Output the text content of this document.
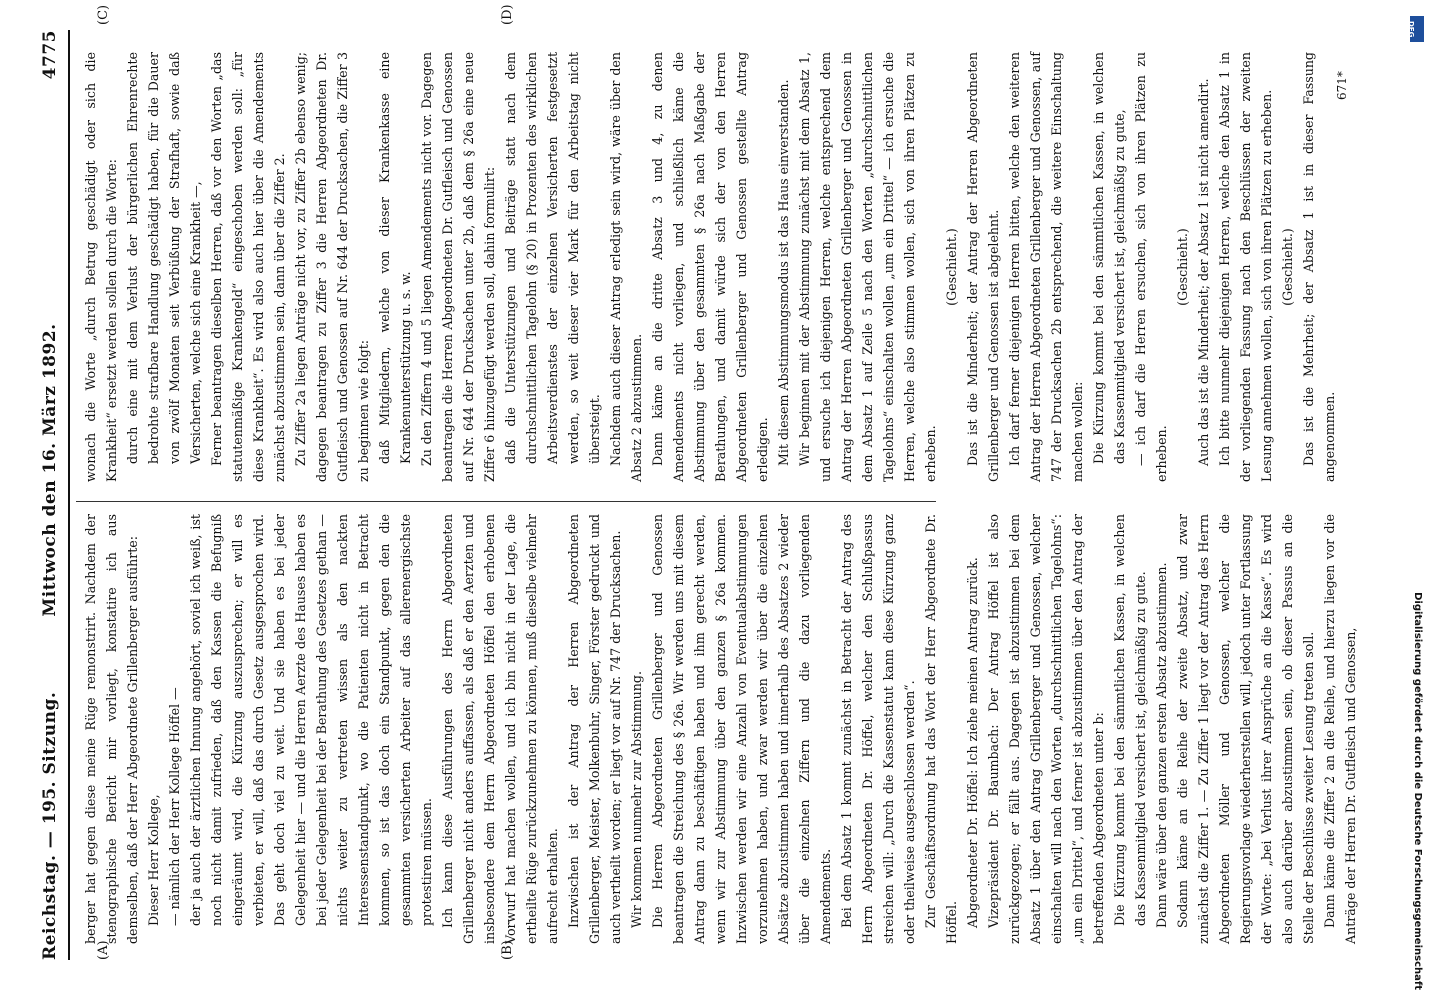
Reichstag. — 195. Sitzung.
Mittwoch den 16. März 1892.
4775
(A)	(B)
(C)	(D)

berger hat gegen diese meine Rüge remonstrirt. Nachdem der stenographische Bericht mir vorliegt, konstatire ich aus demselben, daß der Herr Abgeordnete Grillenberger ausführte: Dieser Herr Kollege, — nämlich der Herr Kollege Höffel — der ja auch der ärztlichen Innung angehört, soviel ich weiß, ist noch nicht damit zufrieden, daß den Kassen die Befugniß eingeräumt wird, die Kürzung auszusprechen; er will es verbieten, er will, daß das durch Gesetz ausgesprochen wird. Das geht doch viel zu weit. Und sie haben es bei jeder Gelegenheit hier — und die Herren Aerzte des Hauses haben es bei jeder Gelegenheit bei der Berathung des Gesetzes gethan — nichts weiter zu vertreten wissen als den nackten Interessenstandpunkt, wo die Patienten nicht in Betracht kommen, so ist das doch ein Standpunkt, gegen den die gesammten versicherten Arbeiter auf das allerenergischste protestiren müssen. Ich kann diese Ausführungen des Herrn Abgeordneten Grillenberger nicht anders auffassen, als daß er den Aerzten und insbesondere dem Herrn Abgeordneten Höffel den erhobenen Vorwurf hat machen wollen, und ich bin nicht in der Lage, die ertheilte Rüge zurückzunehmen zu können, muß dieselbe vielmehr aufrecht erhalten. Inzwischen ist der Antrag der Herren Abgeordneten Grillenberger, Meister, Molkenbuhr, Singer, Förster gedruckt und auch vertheilt worden; er liegt vor auf Nr. 747 der Drucksachen. Wir kommen nunmehr zur Abstimmung. Die Herren Abgeordneten Grillenberger und Genossen beantragen die Streichung des § 26a. Wir werden uns mit diesem Antrag dann zu beschäftigen haben und ihm gerecht werden, wenn wir zur Abstimmung über den ganzen § 26a kommen. Inzwischen werden wir eine Anzahl von Eventualabstimmungen vorzunehmen haben, und zwar werden wir über die einzelnen Absätze abzustimmen haben und innerhalb des Absatzes 2 wieder über die einzelnen Ziffern und die dazu vorliegenden Amendements. Bei dem Absatz 1 kommt zunächst in Betracht der Antrag des Herrn Abgeordneten Dr. Höffel, welcher den Schlußpassus streichen will: „Durch die Kassenstatut kann diese Kürzung ganz oder theilweise ausgeschlossen werden“. Zur Geschäftsordnung hat das Wort der Herr Abgeordnete Dr. Höffel. Abgeordneter Dr. Höffel: Ich ziehe meinen Antrag zurück. Vizepräsident Dr. Baumbach: Der Antrag Höffel ist also zurückgezogen; er fällt aus. Dagegen ist abzustimmen bei dem Absatz 1 über den Antrag Grillenberger und Genossen, welcher einschalten will nach den Worten „durchschnittlichen Tagelohns“: „um ein Drittel“, und ferner ist abzustimmen über den Antrag der betreffenden Abgeordneten unter b: Die Kürzung kommt bei den sämmtlichen Kassen, in welchen das Kassenmitglied versichert ist, gleichmäßig zu gute. Dann wäre über den ganzen ersten Absatz abzustimmen. Sodann käme an die Reihe der zweite Absatz, und zwar zunächst die Ziffer 1. — Zu Ziffer 1 liegt vor der Antrag des Herrn Abgeordneten Möller und Genossen, welcher die Regierungsvorlage wiederherstellen will, jedoch unter Fortlassung der Worte: „bei Verlust ihrer Ansprüche an die Kasse“. Es wird also auch darüber abzustimmen sein, ob dieser Passus an die Stelle der Beschlüsse zweiter Lesung treten soll. Dann käme die Ziffer 2 an die Reihe, und hierzu liegen vor die Anträge der Herren Dr. Gutfleisch und Genossen,

wonach die Worte „durch Betrug geschädigt oder sich die Krankheit“ ersetzt werden sollen durch die Worte: durch eine mit dem Verlust der bürgerlichen Ehrenrechte bedrohte strafbare Handlung geschädigt haben, für die Dauer von zwölf Monaten seit Verbüßung der Strafhaft, sowie daß Versicherten, welche sich eine Krankheit —, Ferner beantragen dieselben Herren, daß vor den Worten „das statutenmäßige Krankengeld“ eingeschoben werden soll: „für diese Krankheit“. Es wird also auch hier über die Amendements zunächst abzustimmen sein, dann über die Ziffer 2. Zu Ziffer 2a liegen Anträge nicht vor, zu Ziffer 2b ebenso wenig; dagegen beantragen zu Ziffer 3 die Herren Abgeordneten Dr. Gutfleisch und Genossen auf Nr. 644 der Drucksachen, die Ziffer 3 zu beginnen wie folgt: daß Mitgliedern, welche von dieser Krankenkasse eine Krankenunterstützung u. s. w. Zu den Ziffern 4 und 5 liegen Amendements nicht vor. Dagegen beantragen die Herren Abgeordneten Dr. Gutfleisch und Genossen auf Nr. 644 der Drucksachen unter 2b, daß dem § 26a eine neue Ziffer 6 hinzugefügt werden soll, dahin formulirt: daß die Unterstützungen und Beiträge statt nach dem durchschnittlichen Tagelohn (§ 20) in Prozenten des wirklichen Arbeitsverdienstes der einzelnen Versicherten festgesetzt werden, so weit dieser vier Mark für den Arbeitstag nicht übersteigt. Nachdem auch dieser Antrag erledigt sein wird, wäre über den Absatz 2 abzustimmen. Dann käme an die dritte Absatz 3 und 4, zu denen Amendements nicht vorliegen, und schließlich käme die Abstimmung über den gesammten § 26a nach Maßgabe der Berathungen, und damit würde sich der von den Herren Abgeordneten Grillenberger und Genossen gestellte Antrag erledigen. Mit diesem Abstimmungsmodus ist das Haus einverstanden. Wir beginnen mit der Abstimmung zunächst mit dem Absatz 1, und ersuche ich diejenigen Herren, welche entsprechend dem Antrag der Herren Abgeordneten Grillenberger und Genossen in dem Absatz 1 auf Zeile 5 nach den Worten „durchschnittlichen Tagelohns“ einschalten wollen „um ein Drittel“ — ich ersuche die Herren, welche also stimmen wollen, sich von ihren Plätzen zu erheben.

(Geschieht.) Das ist die Minderheit; der Antrag der Herren Abgeordneten Grillenberger und Genossen ist abgelehnt. Ich darf ferner diejenigen Herren bitten, welche den weiteren Antrag der Herren Abgeordneten Grillenberger und Genossen, auf 747 der Drucksachen 2b entsprechend, die weitere Einschaltung machen wollen: Die Kürzung kommt bei den sämmtlichen Kassen, in welchen das Kassenmitglied versichert ist, gleichmäßig zu gute, — ich darf die Herren ersuchen, sich von ihren Plätzen zu erheben.

(Geschieht.) Auch das ist die Minderheit; der Absatz 1 ist nicht amendirt. Ich bitte nunmehr diejenigen Herren, welche den Absatz 1 in der vorliegenden Fassung nach den Beschlüssen der zweiten Lesung annehmen wollen, sich von ihren Plätzen zu erheben. (Geschieht.) Das ist die Mehrheit; der Absatz 1 ist in dieser Fassung angenommen.

671*
Digitalisierung gefördert durch die Deutsche Forschungsgemeinschaft
DFG
